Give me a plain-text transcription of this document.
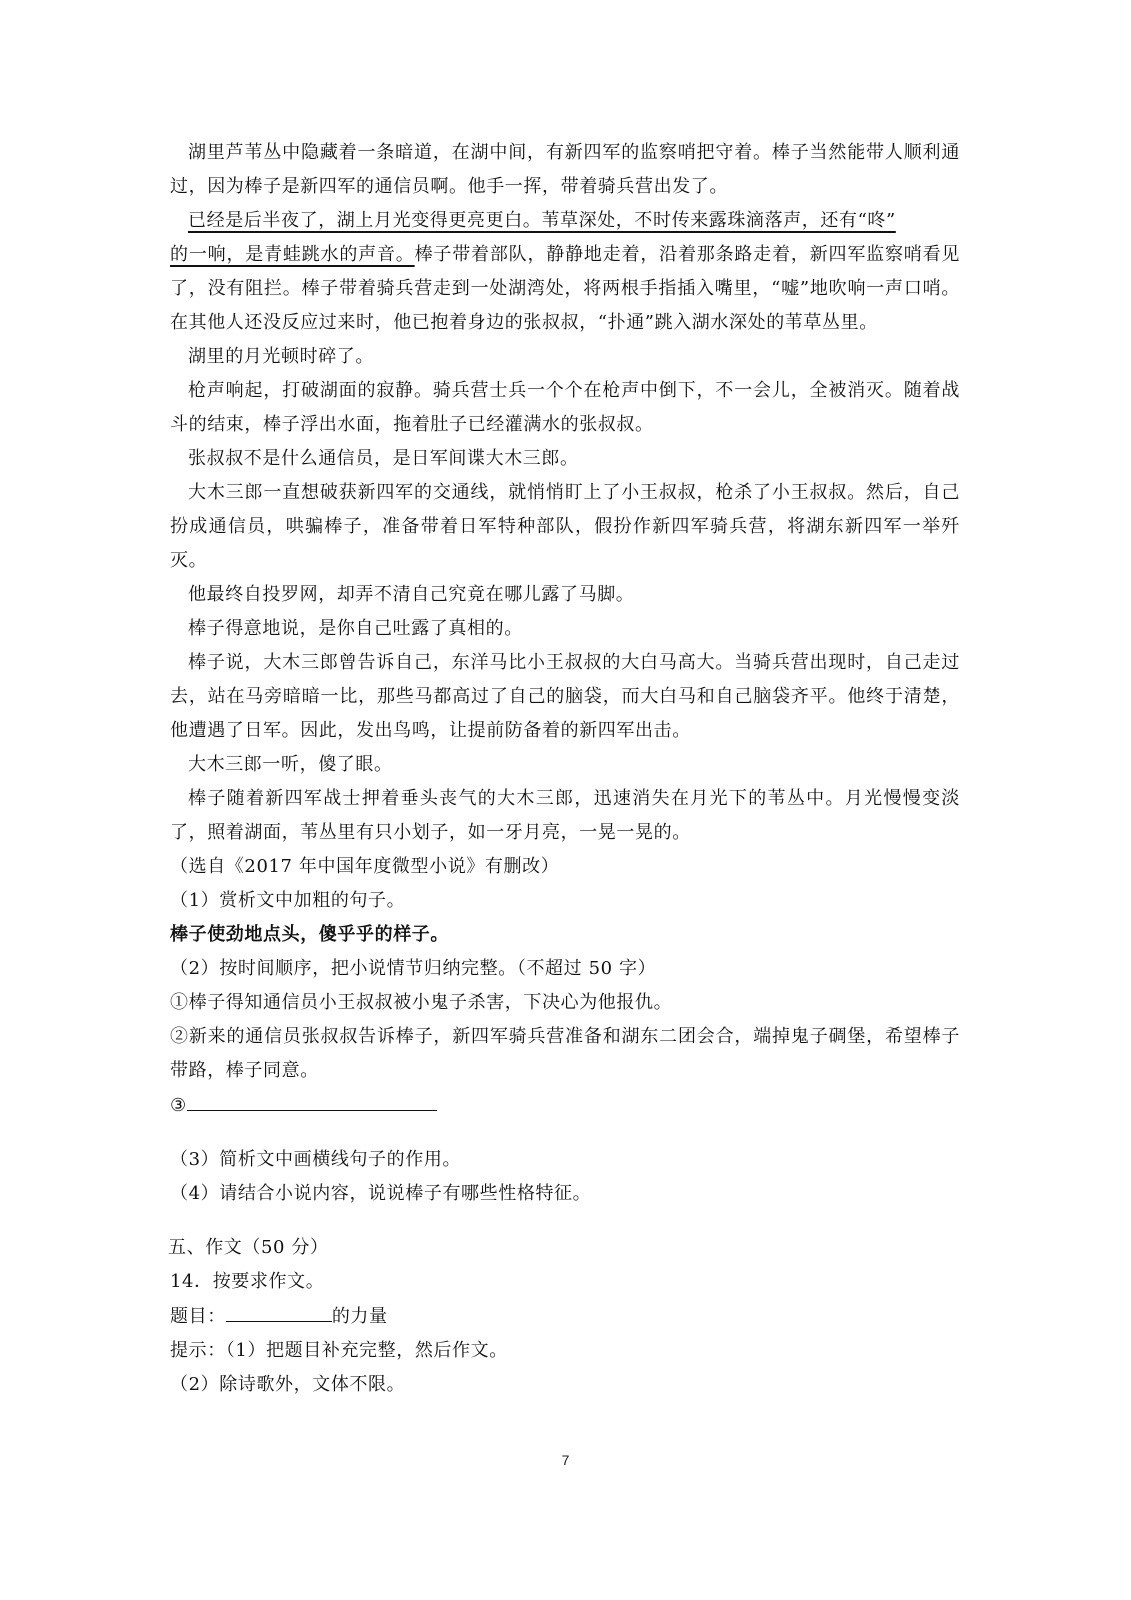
湖里芦苇丛中隐藏着一条暗道，在湖中间，有新四军的监察哨把守着。棒子当然能带人顺利通过，因为棒子是新四军的通信员啊。他手一挥，带着骑兵营出发了。

已经是后半夜了，湖上月光变得更亮更白。苇草深处，不时传来露珠滴落声，还有“咚”
的一响，是青蛙跳水的声音。棒子带着部队，静静地走着，沿着那条路走着，新四军监察哨看见了，没有阻拦。棒子带着骑兵营走到一处湖湾处，将两根手指插入嘴里，“嘘”地吹响一声口哨。在其他人还没反应过来时，他已抱着身边的张叔叔，“扑通”跳入湖水深处的苇草丛里。

湖里的月光顿时碎了。

枪声响起，打破湖面的寂静。骑兵营士兵一个个在枪声中倒下，不一会儿，全被消灭。随着战斗的结束，棒子浮出水面，拖着肚子已经灌满水的张叔叔。

张叔叔不是什么通信员，是日军间谍大木三郎。

大木三郎一直想破获新四军的交通线，就悄悄盯上了小王叔叔，枪杀了小王叔叔。然后，自己扮成通信员，哄骗棒子，准备带着日军特种部队，假扮作新四军骑兵营，将湖东新四军一举歼灭。

他最终自投罗网，却弄不清自己究竟在哪儿露了马脚。

棒子得意地说，是你自己吐露了真相的。

棒子说，大木三郎曾告诉自己，东洋马比小王叔叔的大白马高大。当骑兵营出现时，自己走过去，站在马旁暗暗一比，那些马都高过了自己的脑袋，而大白马和自己脑袋齐平。他终于清楚，他遭遇了日军。因此，发出鸟鸣，让提前防备着的新四军出击。

大木三郎一听，傻了眼。

棒子随着新四军战士押着垂头丧气的大木三郎，迅速消失在月光下的苇丛中。月光慢慢变淡了，照着湖面，苇丛里有只小划子，如一牙月亮，一晃一晃的。

（选自《2017 年中国年度微型小说》有删改）

（1）赏析文中加粗的句子。

棒子使劲地点头，傻乎乎的样子。

（2）按时间顺序，把小说情节归纳完整。（不超过 50 字）

①棒子得知通信员小王叔叔被小鬼子杀害，下决心为他报仇。

②新来的通信员张叔叔告诉棒子，新四军骑兵营准备和湖东二团会合，端掉鬼子碉堡，希望棒子带路，棒子同意。

③

（3）简析文中画横线句子的作用。

（4）请结合小说内容，说说棒子有哪些性格特征。

五、作文（50 分）

14．按要求作文。

题目：	的力量

提示：（1）把题目补充完整，然后作文。

（2）除诗歌外，文体不限。

7
